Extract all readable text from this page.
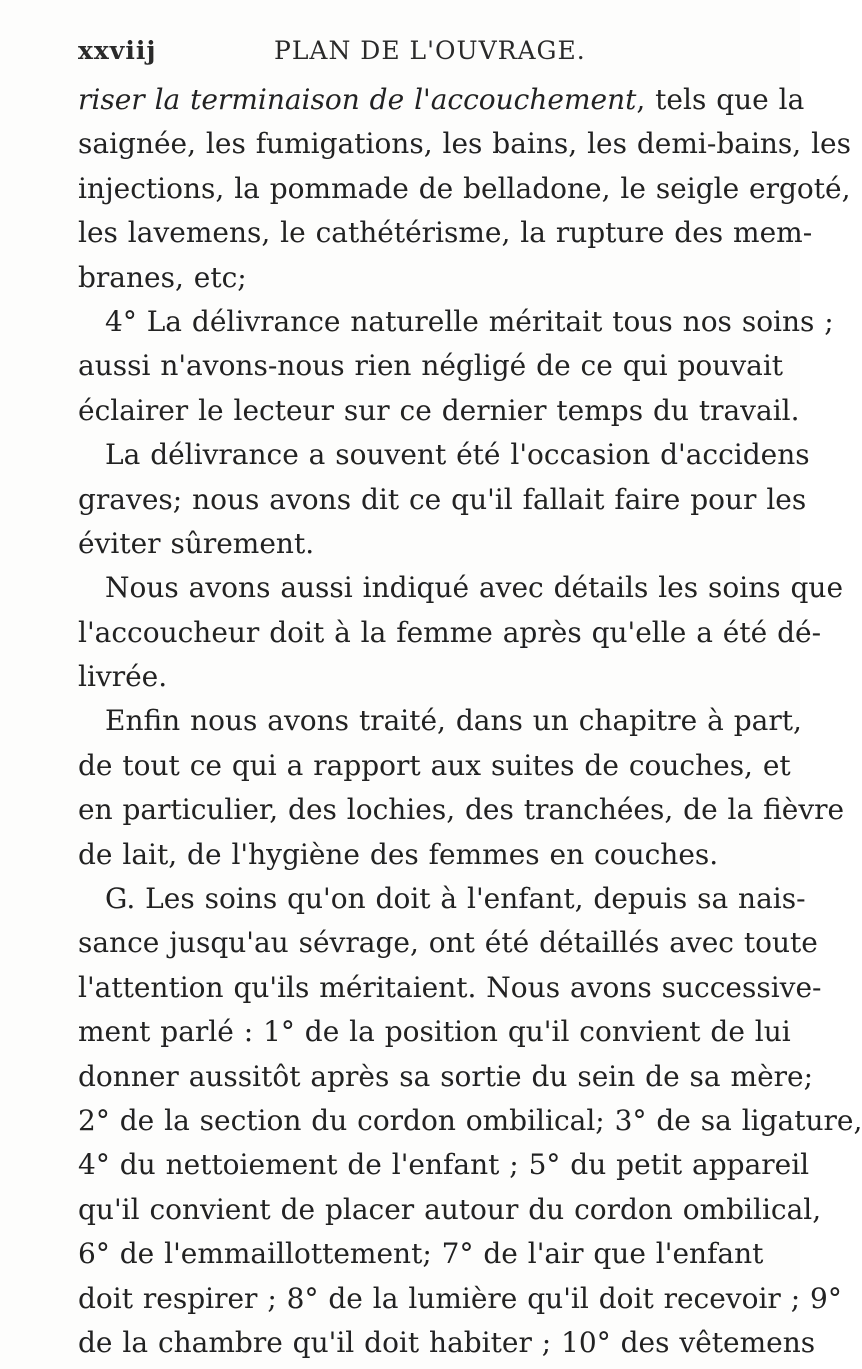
xxviij	PLAN DE L'OUVRAGE.
riser la terminaison de l'accouchement, tels que la
saignée, les fumigations, les bains, les demi-bains, les
injections, la pommade de belladone, le seigle ergoté,
les lavemens, le cathétérisme, la rupture des mem-
branes, etc;
4° La délivrance naturelle méritait tous nos soins ;
aussi n'avons-nous rien négligé de ce qui pouvait
éclairer le lecteur sur ce dernier temps du travail.
La délivrance a souvent été l'occasion d'accidens
graves; nous avons dit ce qu'il fallait faire pour les
éviter sûrement.
Nous avons aussi indiqué avec détails les soins que
l'accoucheur doit à la femme après qu'elle a été dé-
livrée.
Enfin nous avons traité, dans un chapitre à part,
de tout ce qui a rapport aux suites de couches, et
en particulier, des lochies, des tranchées, de la fièvre
de lait, de l'hygiène des femmes en couches.
G. Les soins qu'on doit à l'enfant, depuis sa nais-
sance jusqu'au sévrage, ont été détaillés avec toute
l'attention qu'ils méritaient. Nous avons successive-
ment parlé : 1° de la position qu'il convient de lui
donner aussitôt après sa sortie du sein de sa mère;
2° de la section du cordon ombilical; 3° de sa ligature,
4° du nettoiement de l'enfant ; 5° du petit appareil
qu'il convient de placer autour du cordon ombilical,
6° de l'emmaillottement; 7° de l'air que l'enfant
doit respirer ; 8° de la lumière qu'il doit recevoir ; 9°
de la chambre qu'il doit habiter ; 10° des vêtemens
